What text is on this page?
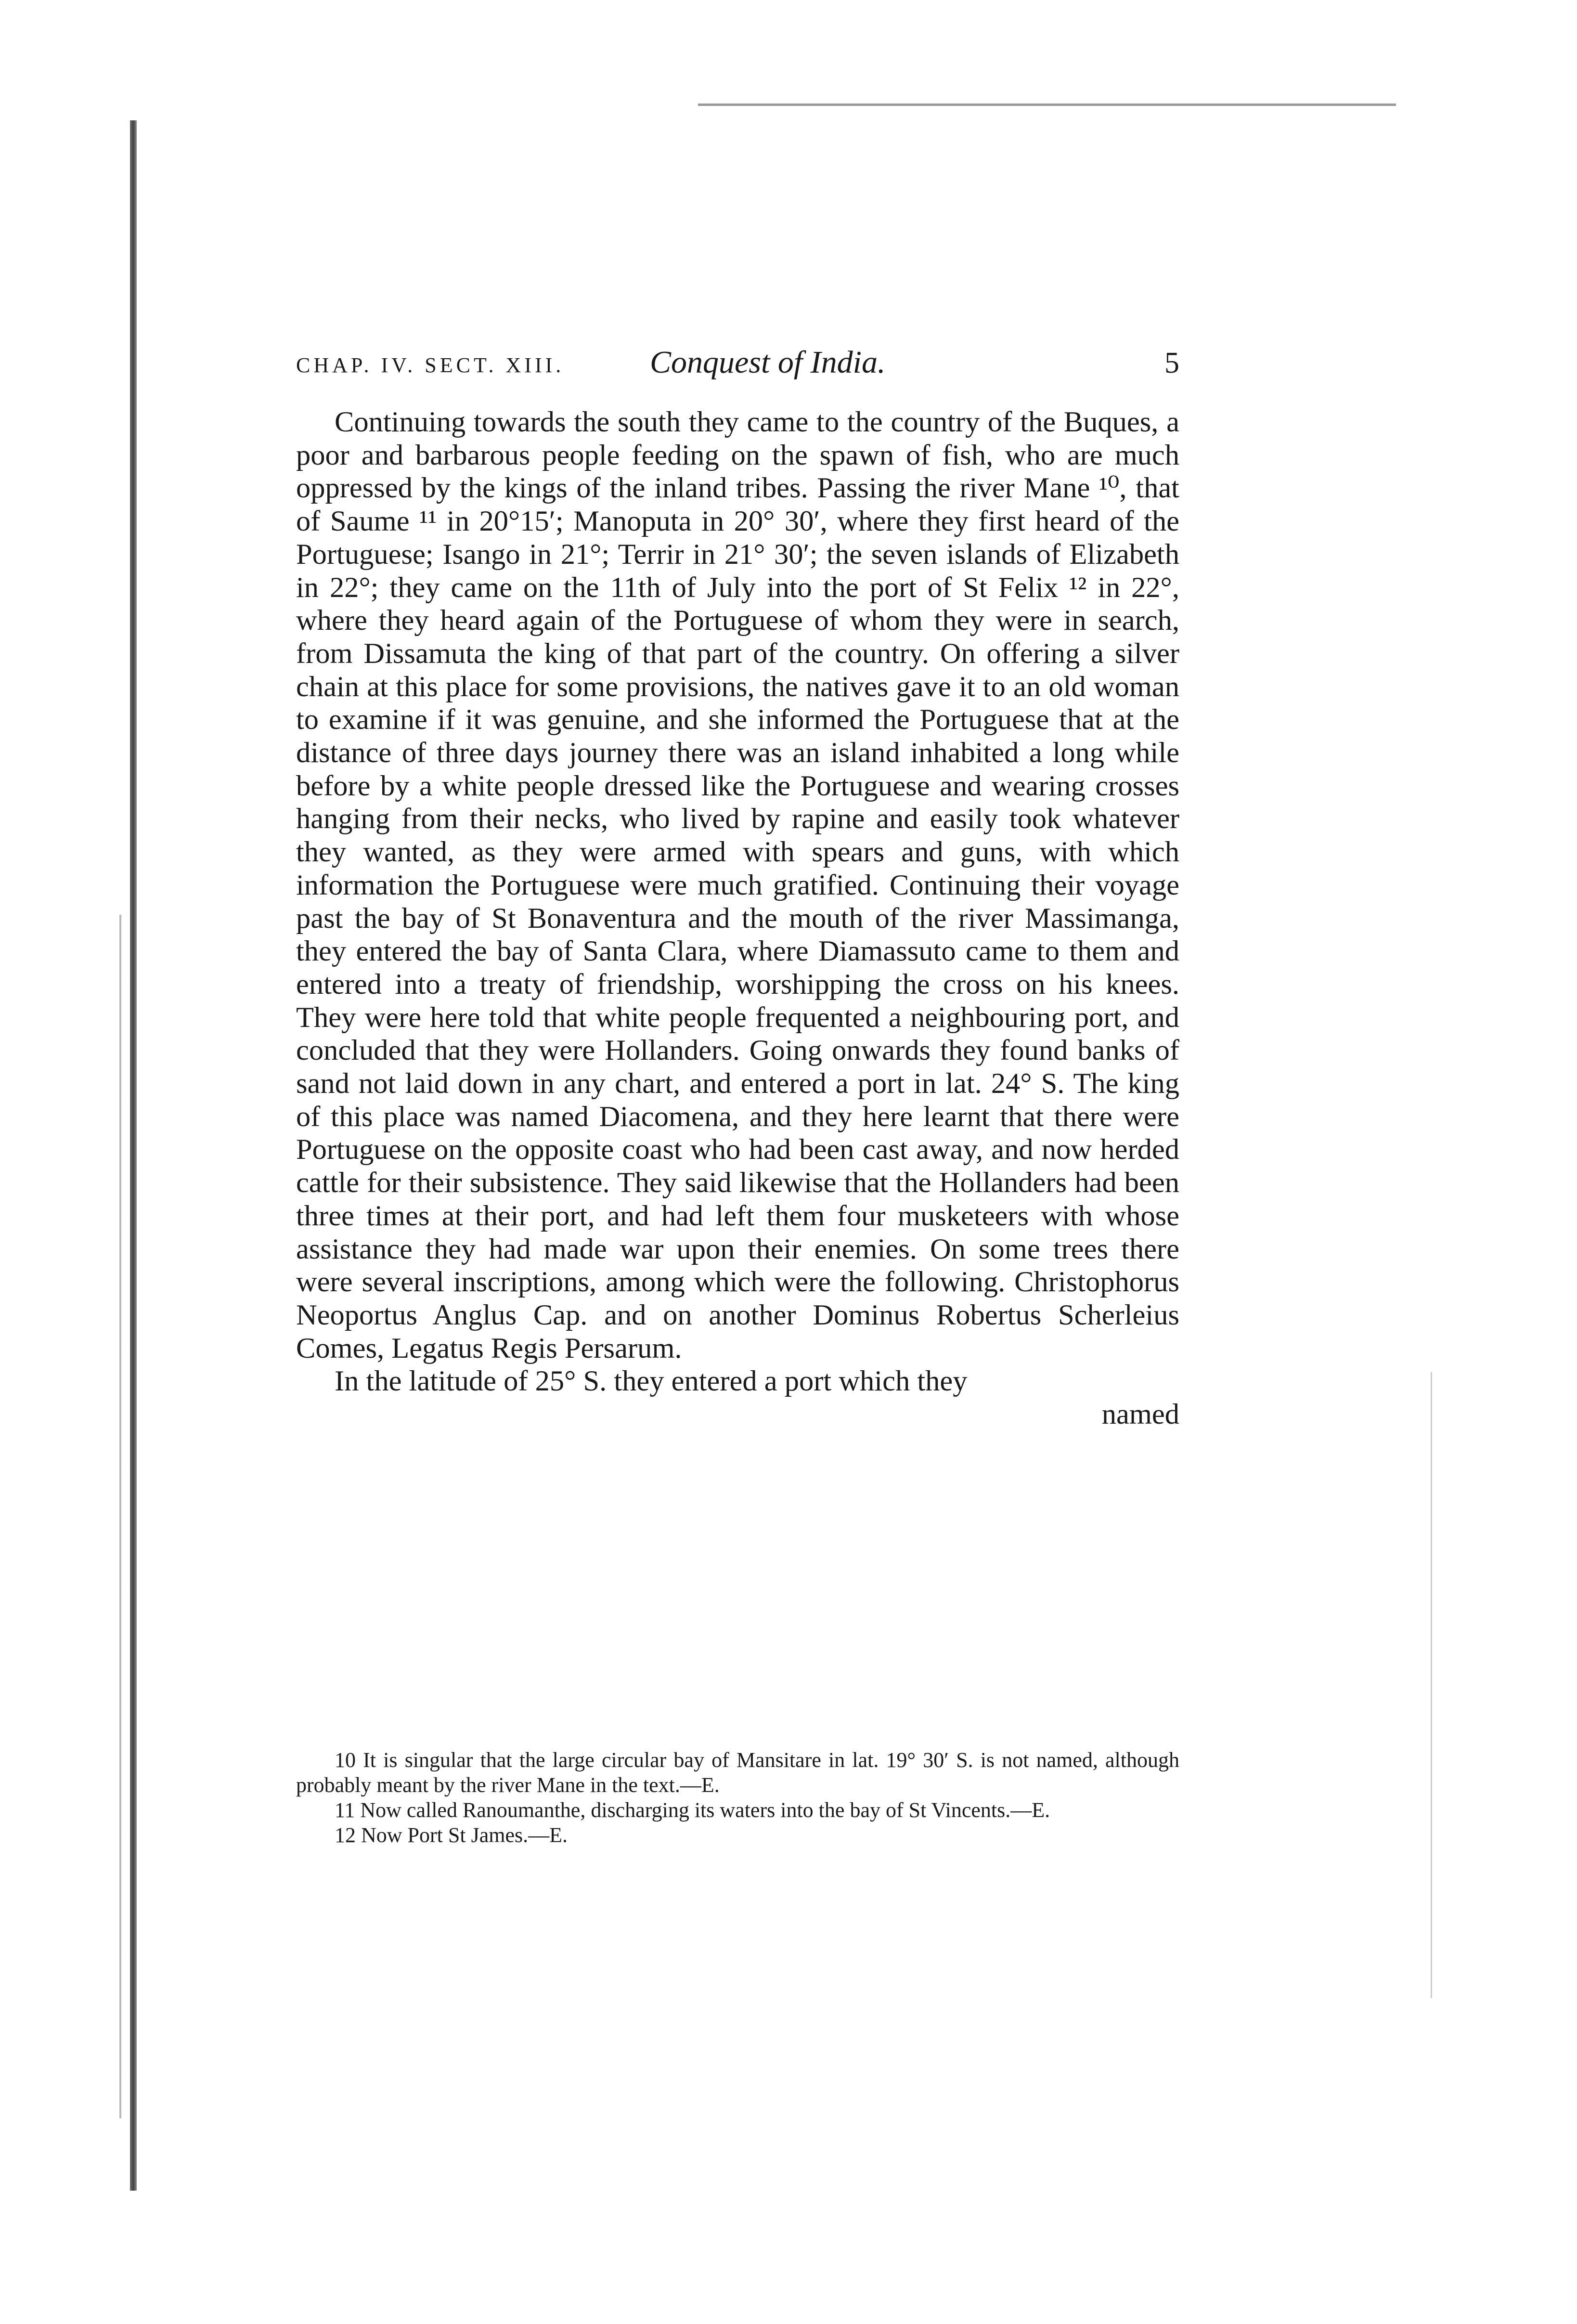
CHAP. IV. SECT. XIII.	Conquest of India.	5

Continuing towards the south they came to the country of the Buques, a poor and barbarous people feeding on the spawn of fish, who are much oppressed by the kings of the inland tribes. Passing the river Mane ¹⁰, that of Saume ¹¹ in 20°15′; Manoputa in 20° 30′, where they first heard of the Portuguese; Isango in 21°; Terrir in 21° 30′; the seven islands of Elizabeth in 22°; they came on the 11th of July into the port of St Felix ¹² in 22°, where they heard again of the Portuguese of whom they were in search, from Dissamuta the king of that part of the country. On offering a silver chain at this place for some provisions, the natives gave it to an old woman to examine if it was genuine, and she informed the Portuguese that at the distance of three days journey there was an island inhabited a long while before by a white people dressed like the Portuguese and wearing crosses hanging from their necks, who lived by rapine and easily took whatever they wanted, as they were armed with spears and guns, with which information the Portuguese were much gratified. Continuing their voyage past the bay of St Bonaventura and the mouth of the river Massimanga, they entered the bay of Santa Clara, where Diamassuto came to them and entered into a treaty of friendship, worshipping the cross on his knees. They were here told that white people frequented a neighbouring port, and concluded that they were Hollanders. Going onwards they found banks of sand not laid down in any chart, and entered a port in lat. 24° S. The king of this place was named Diacomena, and they here learnt that there were Portuguese on the opposite coast who had been cast away, and now herded cattle for their subsistence. They said likewise that the Hollanders had been three times at their port, and had left them four musketeers with whose assistance they had made war upon their enemies. On some trees there were several inscriptions, among which were the following. Christophorus Neoportus Anglus Cap. and on another Dominus Robertus Scherleius Comes, Legatus Regis Persarum.

In the latitude of 25° S. they entered a port which they

named

10 It is singular that the large circular bay of Mansitare in lat. 19° 30′ S. is not named, although probably meant by the river Mane in the text.—E.

11 Now called Ranoumanthe, discharging its waters into the bay of St Vincents.—E.

12 Now Port St James.—E.
